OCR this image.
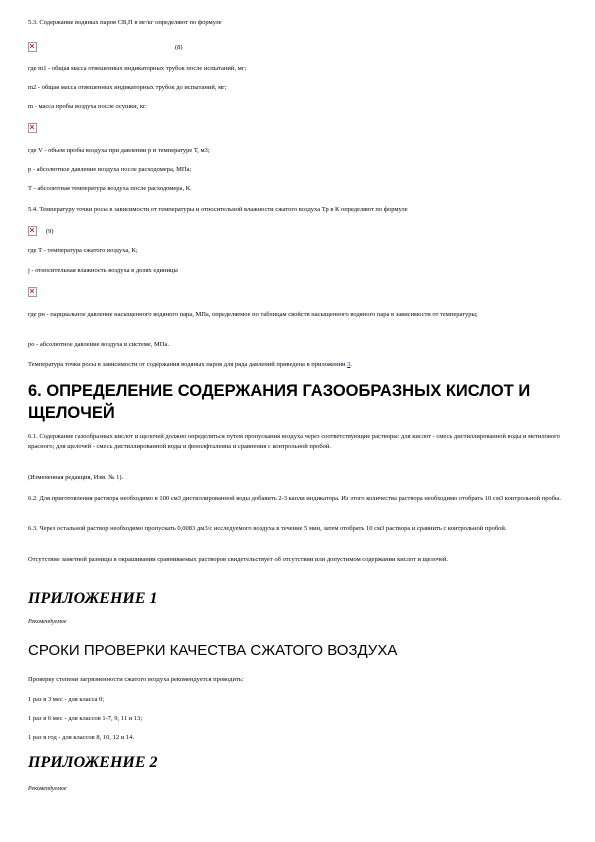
5.3. Содержание водяных паров СВ,П в мг/кг определяют по формуле

(8)

где m1 - общая масса отвешенных индикаторных трубок после испытаний, мг;

m2 - общая масса отвешенных индикаторных трубок до испытаний, мг;

m - масса пробы воздуха после осушки, кг.

где V - объем пробы воздуха при давлении р и температуре Т, м3;

р - абсолютное давление воздуха после расходомера, МПа;

Т - абсолютная температура воздуха после расходомера, К.

5.4. Температуру точки росы в зависимости от температуры и относительной влажности сжатого воздуха Тр в К определяют по формуле

(9)

где Т - температура сжатого воздуха, К;

j - относительная влажность воздуха в долях единицы

где рн - парциальное давление насыщенного водяного пара, МПа, определяемое по таблицам свойств насыщенного водяного пара в зависимости от температуры;

ро - абсолютное давление воздуха в системе, МПа.

Температура точки росы в зависимости от содержания водяных паров для ряда давлений приведена в приложении 3.

6. ОПРЕДЕЛЕНИЕ СОДЕРЖАНИЯ ГАЗООБРАЗНЫХ КИСЛОТ И ЩЕЛОЧЕЙ

6.1. Содержание газообразных кислот и щелочей должно определяться путем пропускания воздуха через соответствующие растворы: для кислот - смесь дистиллированной воды и метилового красного; для щелочей - смесь дистиллированной воды и фенолфталеина и сравнения с контрольной пробой.

(Измененная редакция, Изм. № 1).

6.2. Для приготовления раствора необходимо в 100 см3 дистиллированной воды добавить 2-3 капли индикатора. Из этого количества раствора необходимо отобрать 10 см3 контрольной пробы.

6.3. Через остальной раствор необходимо пропускать 0,0083 дм3/с исследуемого воздуха в течение 5 мин, затем отобрать 10 см3 раствора и сравнить с контрольной пробой.

Отсутствие заметной разницы в окрашивании сравниваемых растворов свидетельствует об отсутствии или допустимом содержании кислот и щелочей.

ПРИЛОЖЕНИЕ 1
Рекомендуемое
СРОКИ ПРОВЕРКИ КАЧЕСТВА СЖАТОГО ВОЗДУХА

Проверку степени загрязненности сжатого воздуха рекомендуется проводить:

1 раз в 3 мес - для класса 0;

1 раз в 6 мес - для классов 1-7, 9, 11 и 13;

1 раз в год - для классов 8, 10, 12 и 14.

ПРИЛОЖЕНИЕ 2
Рекомендуемое
